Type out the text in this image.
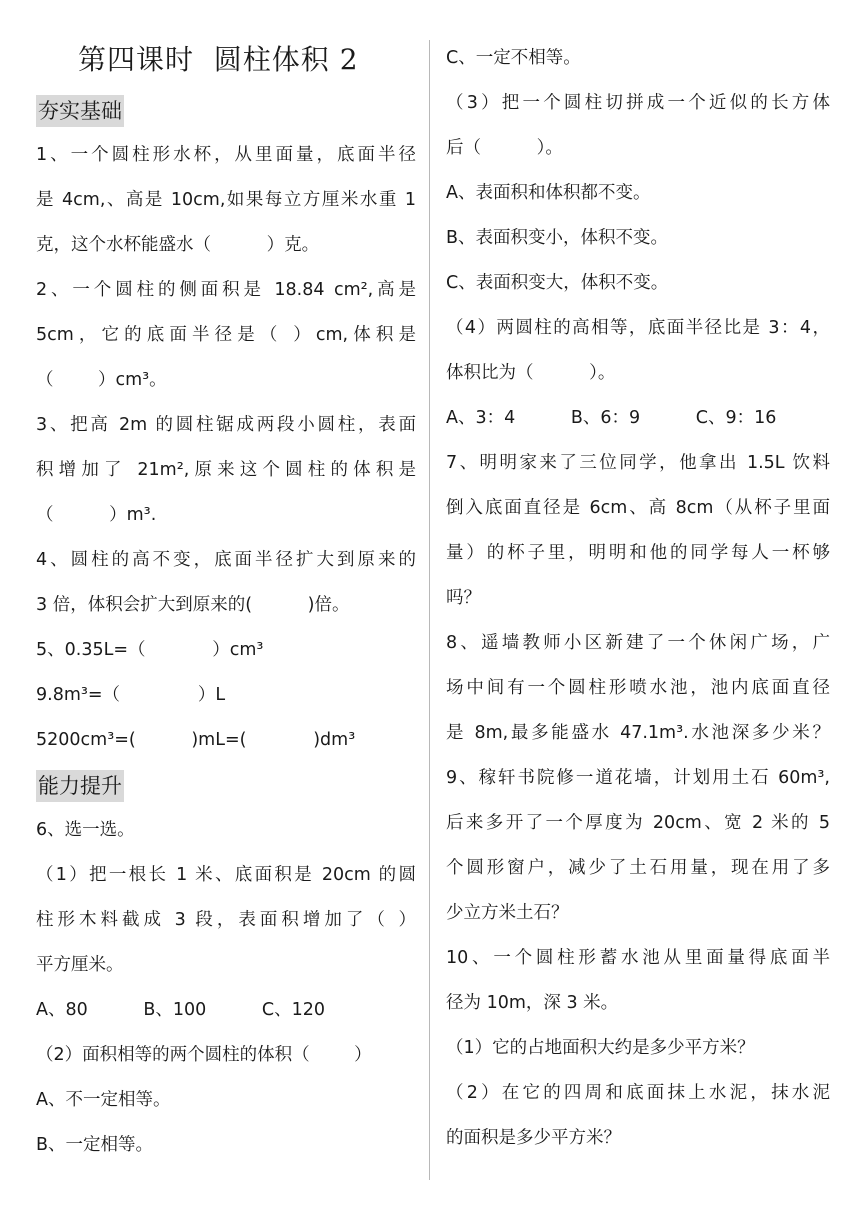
第四课时  圆柱体积 2
夯实基础
1、一个圆柱形水杯，从里面量，底面半径
是 4cm,、高是 10cm,如果每立方厘米水重 1
克，这个水杯能盛水（          ）克。
2、一个圆柱的侧面积是 18.84 cm²,高是
5cm，它的底面半径是（ ）cm,体积是
（        ）cm³。
3、把高 2m 的圆柱锯成两段小圆柱，表面
积增加了 21m²,原来这个圆柱的体积是
（          ）m³.
4、圆柱的高不变，底面半径扩大到原来的
3 倍，体积会扩大到原来的(          )倍。
5、0.35L=（            ）cm³
9.8m³=（              ）L
5200cm³=(          )mL=(            )dm³
能力提升
6、选一选。
（1）把一根长 1 米、底面积是 20cm 的圆
柱形木料截成 3 段，表面积增加了（ ）
平方厘米。
A、80          B、100          C、120
（2）面积相等的两个圆柱的体积（        ）
A、不一定相等。
B、一定相等。
C、一定不相等。
（3）把一个圆柱切拼成一个近似的长方体
后（          ）。
A、表面积和体积都不变。
B、表面积变小，体积不变。
C、表面积变大，体积不变。
（4）两圆柱的高相等，底面半径比是 3：4，
体积比为（          ）。
A、3：4          B、6：9          C、9：16
7、明明家来了三位同学，他拿出 1.5L 饮料
倒入底面直径是 6cm、高 8cm（从杯子里面
量）的杯子里，明明和他的同学每人一杯够
吗？
8、遥墙教师小区新建了一个休闲广场，广
场中间有一个圆柱形喷水池，池内底面直径
是 8m,最多能盛水 47.1m³.水池深多少米？
9、稼轩书院修一道花墙，计划用土石 60m³,
后来多开了一个厚度为 20cm、宽 2 米的 5
个圆形窗户，减少了土石用量，现在用了多
少立方米土石？
10、一个圆柱形蓄水池从里面量得底面半
径为 10m，深 3 米。
（1）它的占地面积大约是多少平方米？
（2）在它的四周和底面抹上水泥，抹水泥
的面积是多少平方米？
